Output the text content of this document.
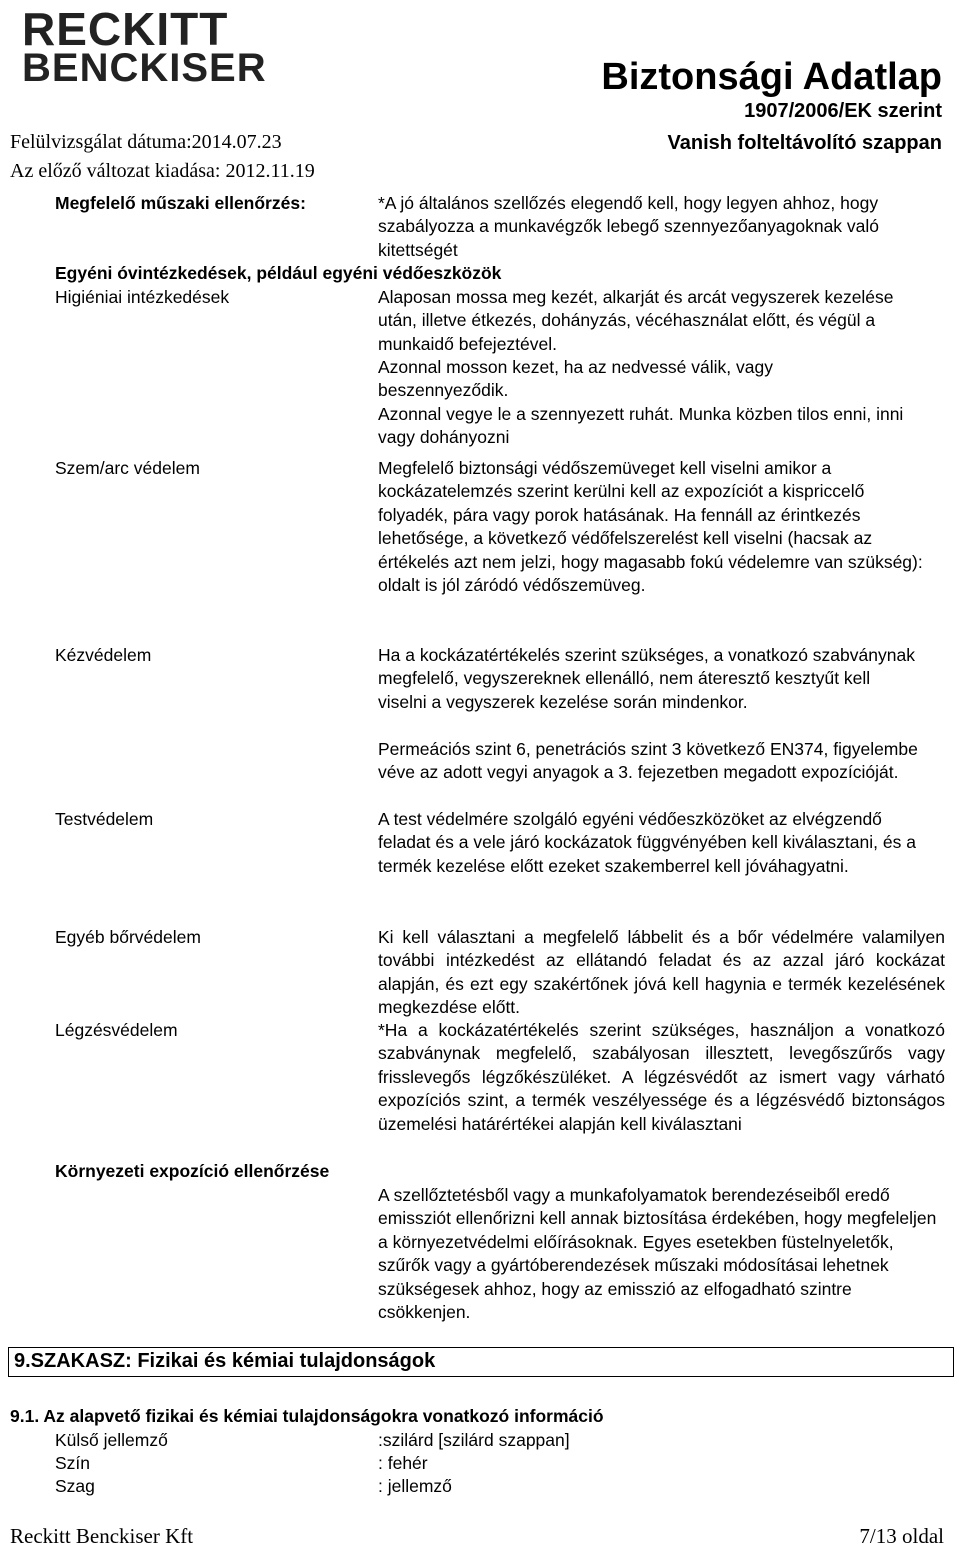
RECKITT
BENCKISER	Biztonsági Adatlap
1907/2006/EK szerint
Vanish folteltávolító szappan
Felülvizsgálat dátuma:2014.07.23
Az előző változat kiadása: 2012.11.19
Megfelelő műszaki ellenőrzés:	*A jó általános szellőzés elegendő kell, hogy legyen ahhoz, hogy szabályozza a munkavégzők lebegő szennyezőanyagoknak való kitettségét
Egyéni óvintézkedések, például egyéni védőeszközök
Higiéniai intézkedések	Alaposan mossa meg kezét, alkarját és arcát vegyszerek kezelése után, illetve étkezés, dohányzás, vécéhasználat előtt, és végül a munkaidő befejeztével.
Azonnal mosson kezet, ha az nedvessé válik, vagy beszennyeződik.
Azonnal vegye le a szennyezett ruhát. Munka közben tilos enni, inni vagy dohányozni
Szem/arc védelem	Megfelelő biztonsági védőszemüveget kell viselni amikor a kockázatelemzés szerint kerülni kell az expozíciót a kispriccelő folyadék, pára vagy porok hatásának. Ha fennáll az érintkezés lehetősége, a következő védőfelszerelést kell viselni (hacsak az értékelés azt nem jelzi, hogy magasabb fokú védelemre van szükség): oldalt is jól záródó védőszemüveg.
Kézvédelem	Ha a kockázatértékelés szerint szükséges, a vonatkozó szabványnak megfelelő, vegyszereknek ellenálló, nem áteresztő kesztyűt kell viselni a vegyszerek kezelése során mindenkor.
Permeációs szint 6, penetrációs szint 3 következő EN374, figyelembe véve az adott vegyi anyagok a 3. fejezetben megadott expozícióját.
Testvédelem	A test védelmére szolgáló egyéni védőeszközöket az elvégzendő feladat és a vele járó kockázatok függvényében kell kiválasztani, és a termék kezelése előtt ezeket szakemberrel kell jóváhagyatni.
Egyéb bőrvédelem	Ki kell választani a megfelelő lábbelit és a bőr védelmére valamilyen további intézkedést az ellátandó feladat és az azzal járó kockázat alapján, és ezt egy szakértőnek jóvá kell hagynia e termék kezelésének megkezdése előtt.
Légzésvédelem	*Ha a kockázatértékelés szerint szükséges, használjon a vonatkozó szabványnak megfelelő, szabályosan illesztett, levegőszűrős vagy frisslevegős légzőkészüléket. A légzésvédőt az ismert vagy várható expozíciós szint, a termék veszélyessége és a légzésvédő biztonságos üzemelési határértékei alapján kell kiválasztani
Környezeti expozíció ellenőrzése
A szellőztetésből vagy a munkafolyamatok berendezéseiből eredő emissziót ellenőrizni kell annak biztosítása érdekében, hogy megfeleljen a környezetvédelmi előírásoknak. Egyes esetekben füstelnyeletők, szűrők vagy a gyártóberendezések műszaki módosításai lehetnek szükségesek ahhoz, hogy az emisszió az elfogadható szintre csökkenjen.
9.SZAKASZ: Fizikai és kémiai tulajdonságok
9.1. Az alapvető fizikai és kémiai tulajdonságokra vonatkozó információ
Külső jellemző	:szilárd [szilárd szappan]
Szín	: fehér
Szag	: jellemző
Reckitt Benckiser Kft	7/13 oldal
